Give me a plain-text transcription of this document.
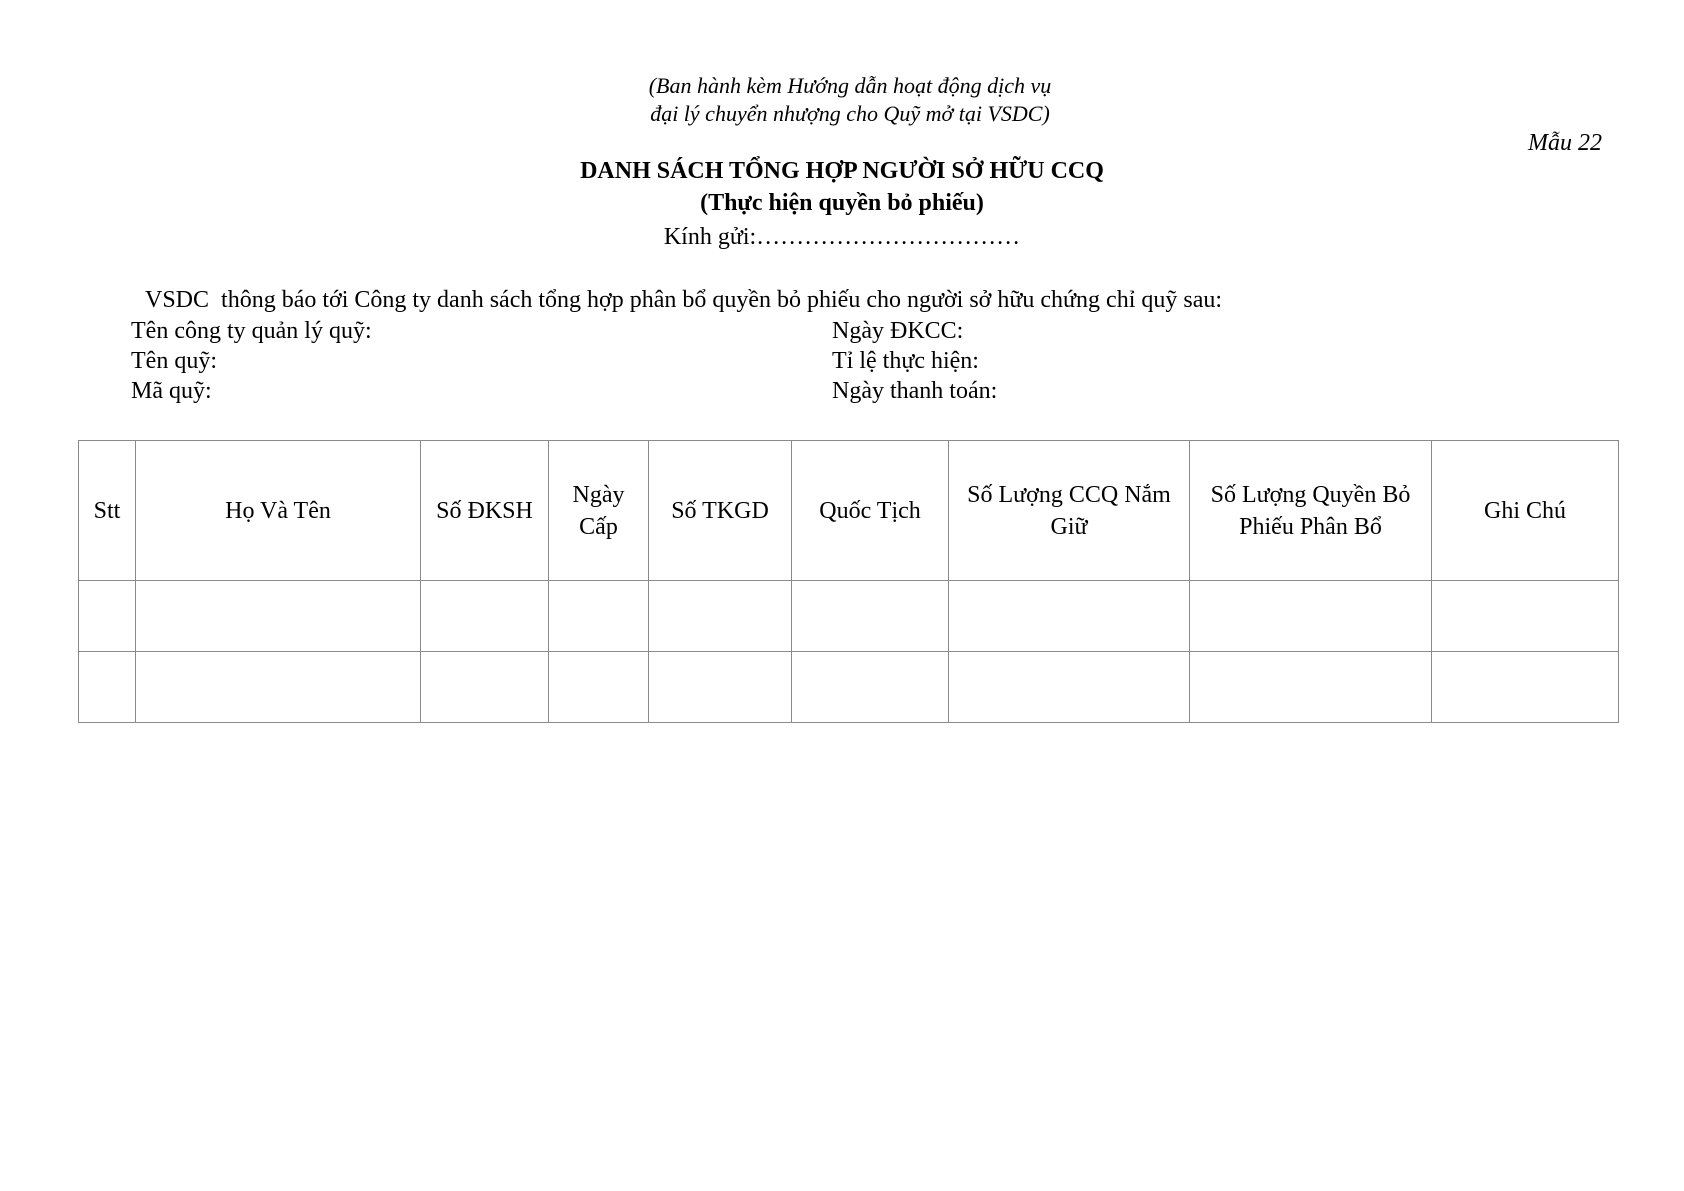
(Ban hành kèm Hướng dẫn hoạt động dịch vụ
đại lý chuyển nhượng cho Quỹ mở tại VSDC)
Mẫu 22
DANH SÁCH TỔNG HỢP NGƯỜI SỞ HỮU CCQ
(Thực hiện quyền bỏ phiếu)
Kính gửi:……………………………
VSDC  thông báo tới Công ty danh sách tổng hợp phân bổ quyền bỏ phiếu cho người sở hữu chứng chỉ quỹ sau:
Tên công ty quản lý quỹ:
Tên quỹ:
Mã quỹ:
Ngày ĐKCC:
Tỉ lệ thực hiện:
Ngày thanh toán:
Stt	Họ Và Tên	Số ĐKSH	Ngày Cấp	Số TKGD	Quốc Tịch	Số Lượng CCQ Nắm Giữ	Số Lượng Quyền Bỏ Phiếu Phân Bổ	Ghi Chú
